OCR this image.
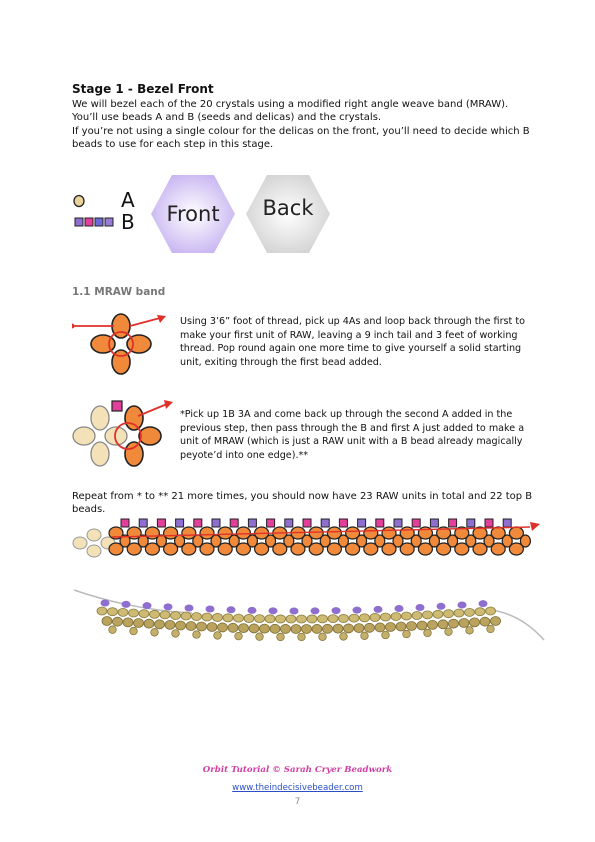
Stage 1 - Bezel Front

We will bezel each of the 20 crystals using a modified right angle weave band (MRAW).

You’ll use beads A and B (seeds and delicas) and the crystals.

If you’re not using a single colour for the delicas on the front, you’ll need to decide which B beads to use for each step in this stage.

A
B	Front	Back
1.1 MRAW band
Using 3’6” foot of thread, pick up 4As and loop back through the first to make your first unit of RAW, leaving a 9 inch tail and 3 feet of working thread. Pop round again one more time to give yourself a solid starting unit, exiting through the first bead added.
*Pick up 1B 3A and come back up through the second A added in the previous step, then pass through the B and first A just added to make a unit of MRAW (which is just a RAW unit with a B bead already magically peyote’d into one edge).**
Repeat from * to ** 21 more times, you should now have 23 RAW units in total and 22 top B beads.
Orbit Tutorial © Sarah Cryer Beadwork
www.theindecisivebeader.com
7
